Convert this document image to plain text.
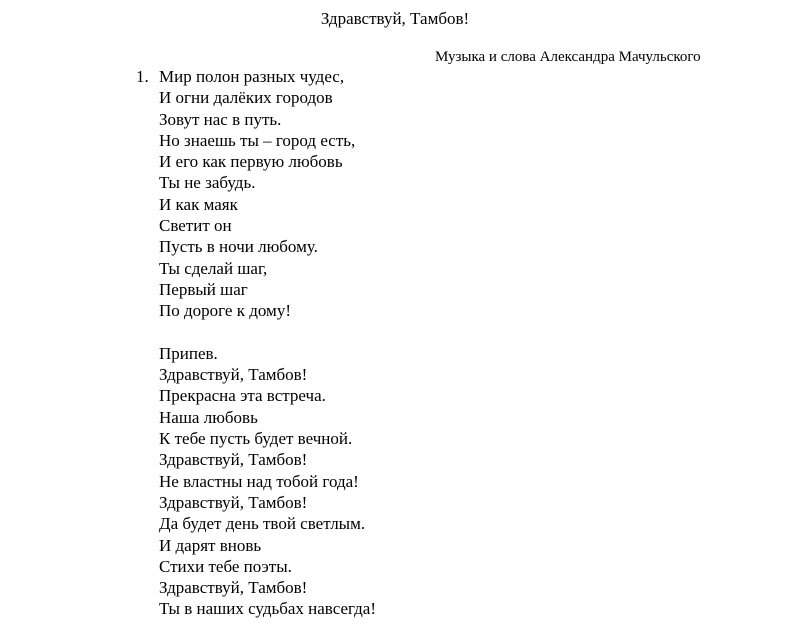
Здравствуй, Тамбов!
Музыка и слова Александра Мачульского
1. Мир полон разных чудес,
И огни далёких городов
Зовут нас в путь.
Но знаешь ты – город есть,
И его как первую любовь
Ты не забудь.
И как маяк
Светит он
Пусть в ночи любому.
Ты сделай шаг,
Первый шаг
По дороге к дому!
Припев.
Здравствуй, Тамбов!
Прекрасна эта встреча.
Наша любовь
К тебе пусть будет вечной.
Здравствуй, Тамбов!
Не властны над тобой года!
Здравствуй, Тамбов!
Да будет день твой светлым.
И дарят вновь
Стихи тебе поэты.
Здравствуй, Тамбов!
Ты в наших судьбах навсегда!
